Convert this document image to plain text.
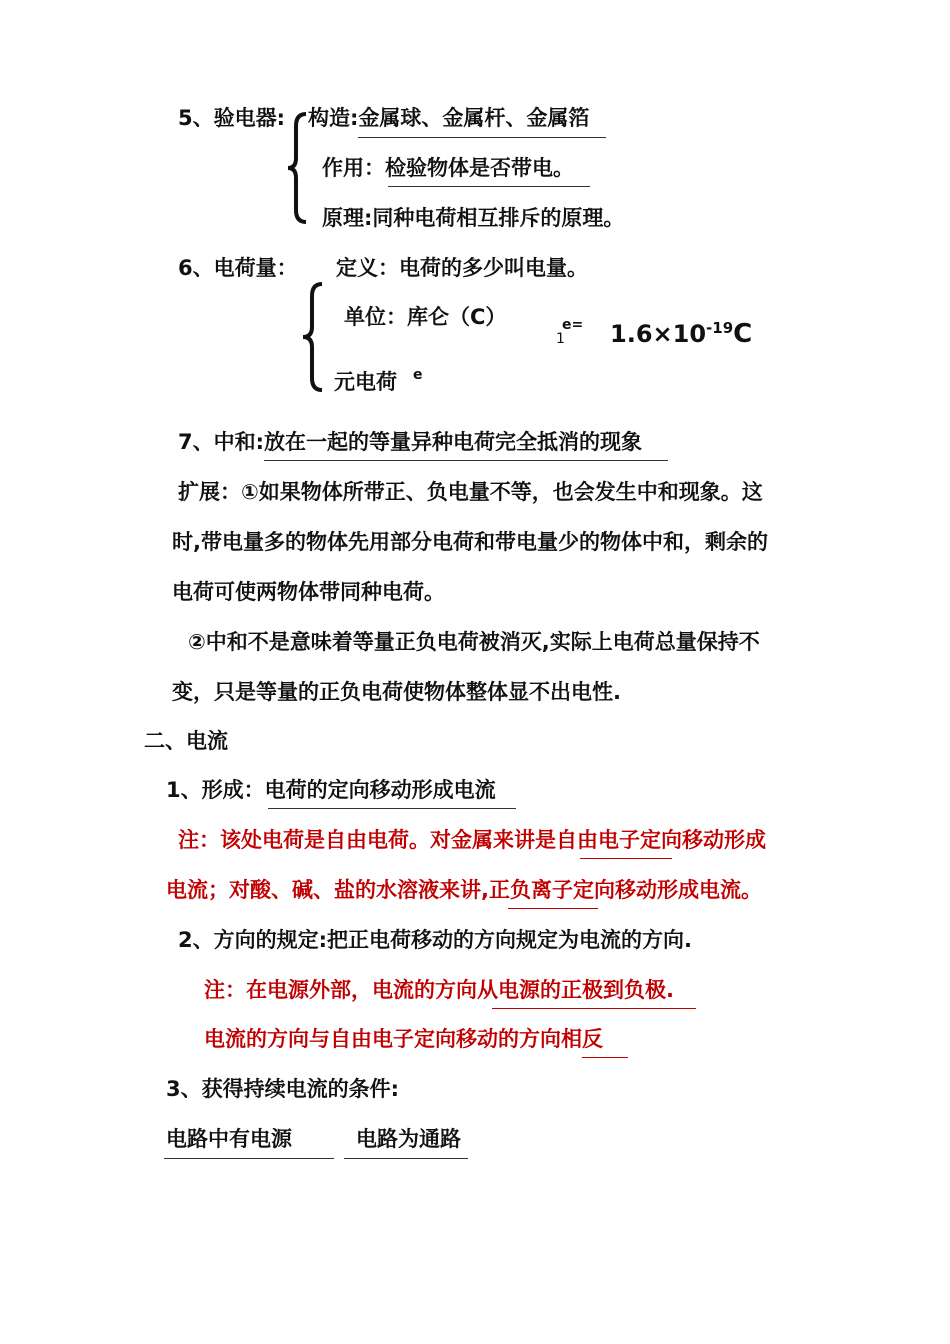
5、验电器: 构造:金属球、金属杆、金属箔
作用：检验物体是否带电。
原理:同种电荷相互排斥的原理。
6、电荷量： 定义：电荷的多少叫电量。
单位：库仑（C）
1
$e= 1.6\times 10^{-19}C$
元电荷 e
7、中和:放在一起的等量异种电荷完全抵消的现象
扩展：①如果物体所带正、负电量不等，也会发生中和现象。这
时,带电量多的物体先用部分电荷和带电量少的物体中和，剩余的
电荷可使两物体带同种电荷。
②中和不是意味着等量正负电荷被消灭,实际上电荷总量保持不
变，只是等量的正负电荷使物体整体显不出电性.
二、电流
1、形成：电荷的定向移动形成电流
注：该处电荷是自由电荷。对金属来讲是自由电子定向移动形成
电流；对酸、碱、盐的水溶液来讲,正负离子定向移动形成电流。
2、方向的规定:把正电荷移动的方向规定为电流的方向.
注：在电源外部，电流的方向从电源的正极到负极.
电流的方向与自由电子定向移动的方向相反
3、获得持续电流的条件:
电路中有电源	电路为通路
